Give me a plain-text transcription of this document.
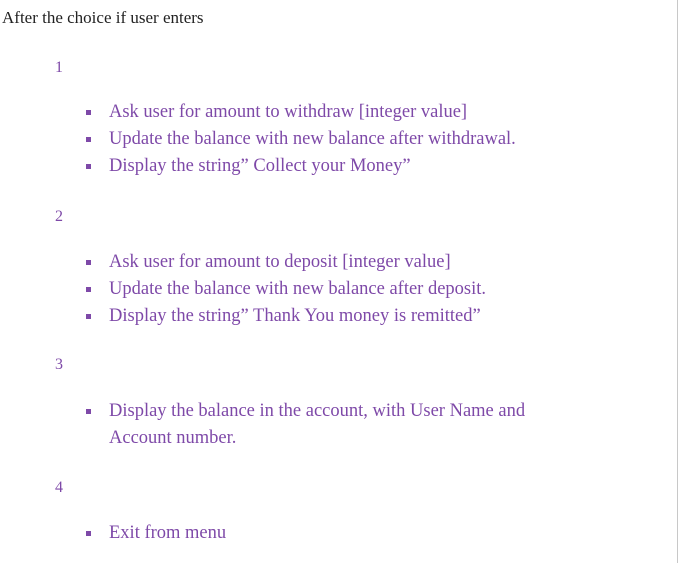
After the choice if user enters
1
Ask user for amount to withdraw [integer value]
Update the balance with new balance after withdrawal.
Display the string” Collect your Money”
2
Ask user for amount to deposit [integer value]
Update the balance with new balance after deposit.
Display the string” Thank You money is remitted”
3
Display the balance in the account, with User Name and Account number.
4
Exit from menu
